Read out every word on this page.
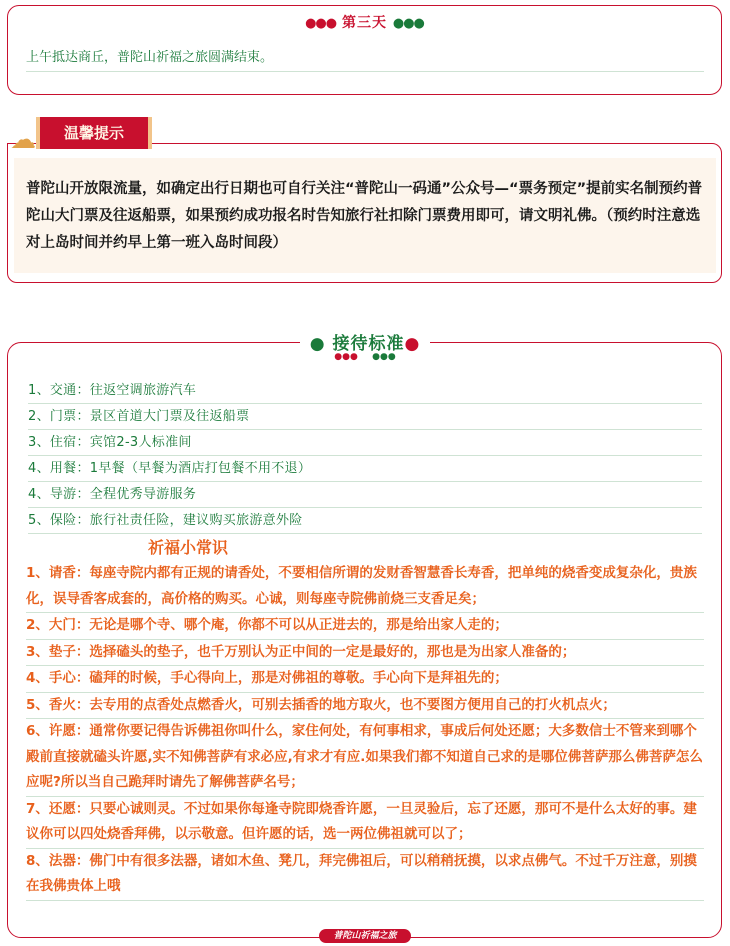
●●● 第三天 ●●●
上午抵达商丘，普陀山祈福之旅圆满结束。
☁	温馨提示
普陀山开放限流量，如确定出行日期也可自行关注“普陀山一码通”公众号—“票务预定”提前实名制预约普陀山大门票及往返船票，如果预约成功报名时告知旅行社扣除门票费用即可，请文明礼佛。（预约时注意选对上岛时间并约早上第一班入岛时间段）
● 接待标准●
●●● ●●●
1、交通：往返空调旅游汽车
2、门票：景区首道大门票及往返船票
3、住宿：宾馆2-3人标准间
4、用餐：1早餐（早餐为酒店打包餐不用不退）
4、导游：全程优秀导游服务
5、保险：旅行社责任险，建议购买旅游意外险
祈福小常识
1、请香：每座寺院内都有正规的请香处，不要相信所谓的发财香智慧香长寿香，把单纯的烧香变成复杂化，贵族化，误导香客成套的，高价格的购买。心诚，则每座寺院佛前烧三支香足矣；
2、大门：无论是哪个寺、哪个庵，你都不可以从正进去的，那是给出家人走的；
3、垫子：选择磕头的垫子，也千万别认为正中间的一定是最好的，那也是为出家人准备的；
4、手心：磕拜的时候，手心得向上，那是对佛祖的尊敬。手心向下是拜祖先的；
5、香火：去专用的点香处点燃香火，可别去插香的地方取火，也不要图方便用自己的打火机点火；
6、许愿：通常你要记得告诉佛祖你叫什么，家住何处，有何事相求，事成后何处还愿；大多数信士不管来到哪个殿前直接就磕头许愿,实不知佛菩萨有求必应,有求才有应.如果我们都不知道自己求的是哪位佛菩萨那么佛菩萨怎么应呢?所以当自己跪拜时请先了解佛菩萨名号；
7、还愿：只要心诚则灵。不过如果你每逢寺院即烧香许愿，一旦灵验后，忘了还愿，那可不是什么太好的事。建议你可以四处烧香拜佛，以示敬意。但许愿的话，选一两位佛祖就可以了；
8、法器：佛门中有很多法器，诸如木鱼、凳几，拜完佛祖后，可以稍稍抚摸，以求点佛气。不过千万注意，别摸在我佛贵体上哦
普陀山祈福之旅
